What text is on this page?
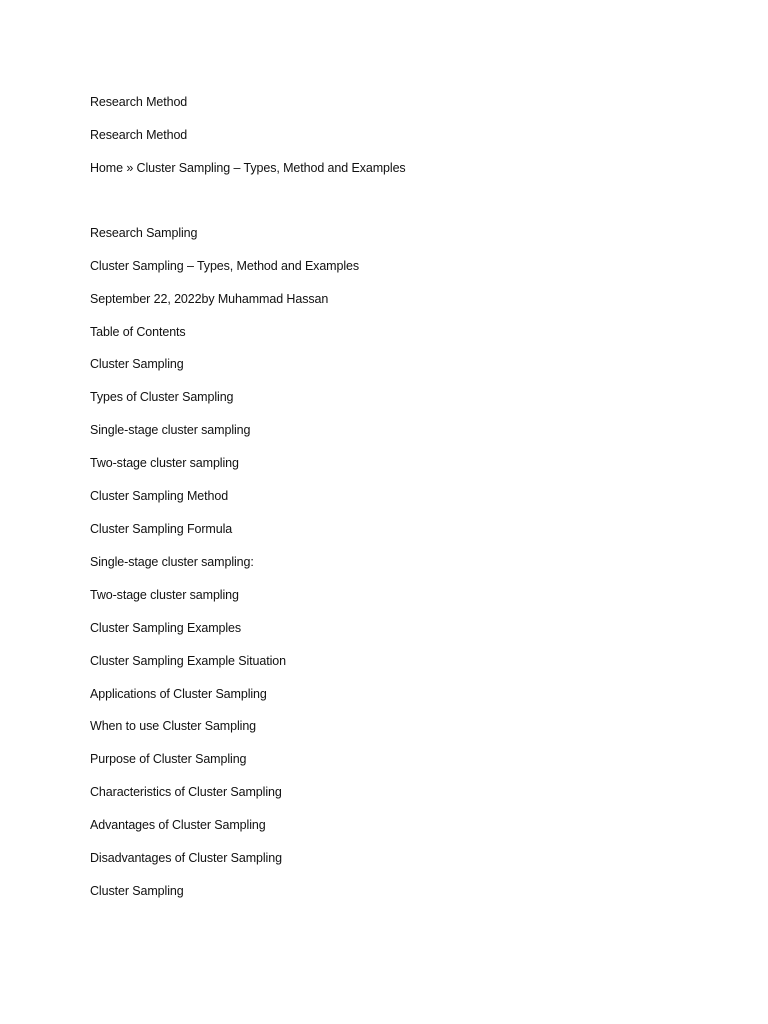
Research Method
Research Method
Home » Cluster Sampling – Types, Method and Examples
Research Sampling
Cluster Sampling – Types, Method and Examples
September 22, 2022by Muhammad Hassan
Table of Contents
Cluster Sampling
Types of Cluster Sampling
Single-stage cluster sampling
Two-stage cluster sampling
Cluster Sampling Method
Cluster Sampling Formula
Single-stage cluster sampling:
Two-stage cluster sampling
Cluster Sampling Examples
Cluster Sampling Example Situation
Applications of Cluster Sampling
When to use Cluster Sampling
Purpose of Cluster Sampling
Characteristics of Cluster Sampling
Advantages of Cluster Sampling
Disadvantages of Cluster Sampling
Cluster Sampling
